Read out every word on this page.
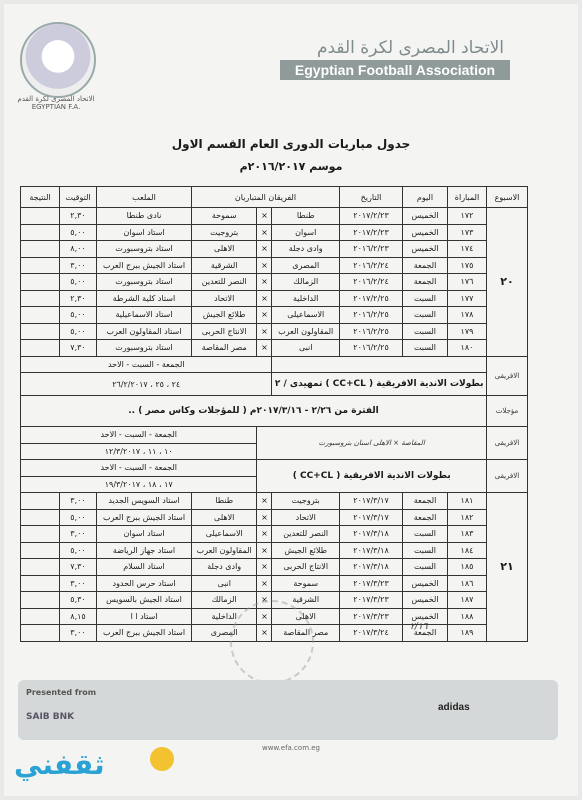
الاتحاد المصرى لكرة القدم EGYPTIAN F.A.
الاتحاد المصرى لكرة القدم
Egyptian Football Association
جدول مباريات الدورى العام القسم الاول
موسم ٢٠١٦/٢٠١٧م
الاسبوع	المباراة	اليوم	التاريخ	الفريقان المتباريان			الملعب	التوقيت	النتيجة
٢٠	١٧٢	الخميس	٢٠١٧/٢/٢٣	طنطا	×	سموحة	نادى طنطا	٢,٣٠	
	١٧٣	الخميس	٢٠١٧/٢/٢٣	اسوان	×	بتروجيت	استاد اسوان	٥,٠٠	
	١٧٤	الخميس	٢٠١٦/٢/٢٣	وادى دجلة	×	الاهلى	استاد بتروسبورت	٨,٠٠	
	١٧٥	الجمعة	٢٠١٦/٢/٢٤	المصرى	×	الشرقية	استاد الجيش ببرج العرب	٣,٠٠	
	١٧٦	الجمعة	٢٠١٦/٢/٢٤	الزمالك	×	النصر للتعدين	استاد بتروسبورت	٥,٠٠	
	١٧٧	السبت	٢٠١٧/٢/٢٥	الداخلية	×	الاتحاد	استاد كلية الشرطة	٢,٣٠	
	١٧٨	السبت	٢٠١٦/٢/٢٥	الاسماعيلى	×	طلائع الجيش	استاد الاسماعيلية	٥,٠٠	
	١٧٩	السبت	٢٠١٦/٢/٢٥	المقاولون العرب	×	الانتاج الحربى	استاد المقاولون العرب	٥,٠٠	
	١٨٠	السبت	٢٠١٦/٢/٢٥	انبى	×	مصر المقاصة	استاد بتروسبورت	٧,٣٠	
الافريقى					الجمعة - السبت - الاحد				
	بطولات الاندية الافريقية ( CC+CL ) تمهيدى / ٢				٢٤ ، ٢٥ ، ٢٦/٢/٢٠١٧				
مؤجلات	الفترة من ٢/٢٦ - ٢٠١٧/٣/١٦م ( للمؤجلات وكاس مصر ) ..								
الافريقى	المقاصة × الاهلى اسنان بتروسبورت					الجمعة - السبت - الاحد			
						١٠ ، ١١ ، ١٢/٣/٢٠١٧			
الافريقى	بطولات الاندية الافريقية ( CC+CL )					الجمعة - السبت - الاحد			
						١٧ ، ١٨ ، ١٩/٣/٢٠١٧			
٢١	١٨١	الجمعة	٢٠١٧/٣/١٧	بتروجيت	×	طنطا	استاد السويس الجديد	٣,٠٠	
	١٨٢	الجمعة	٢٠١٧/٣/١٧	الاتحاد	×	الاهلى	استاد الجيش ببرج العرب	٥,٠٠	
	١٨٣	السبت	٢٠١٧/٣/١٨	النصر للتعدين	×	الاسماعيلى	استاد اسوان	٣,٠٠	
	١٨٤	السبت	٢٠١٧/٣/١٨	طلائع الجيش	×	المقاولون العرب	استاد جهاز الرياضة	٥,٠٠	
	١٨٥	السبت	٢٠١٧/٣/١٨	الانتاج الحربى	×	وادى دجلة	استاد السلام	٧,٣٠	
	١٨٦	الخميس	٢٠١٧/٣/٢٣	سموحة	×	انبى	استاد حرس الحدود	٣,٠٠	
	١٨٧	الخميس	٢٠١٧/٣/٢٣	الشرقية	×	الزمالك	استاد الجيش بالسويس	٥,٣٠	
	١٨٨	الخميس	٢٠١٧/٣/٢٣	الاهلى	×	الداخلية	استاد ا ا	٨,١٥	
	١٨٩	الجمعة	٢٠١٧/٣/٢٤	مصر المقاصة	×	المصرى	استاد الجيش ببرج العرب	٣,٠٠	
٢/١٦
Presented from
SAIB BNK
adidas
www.efa.com.eg
ثقفني
